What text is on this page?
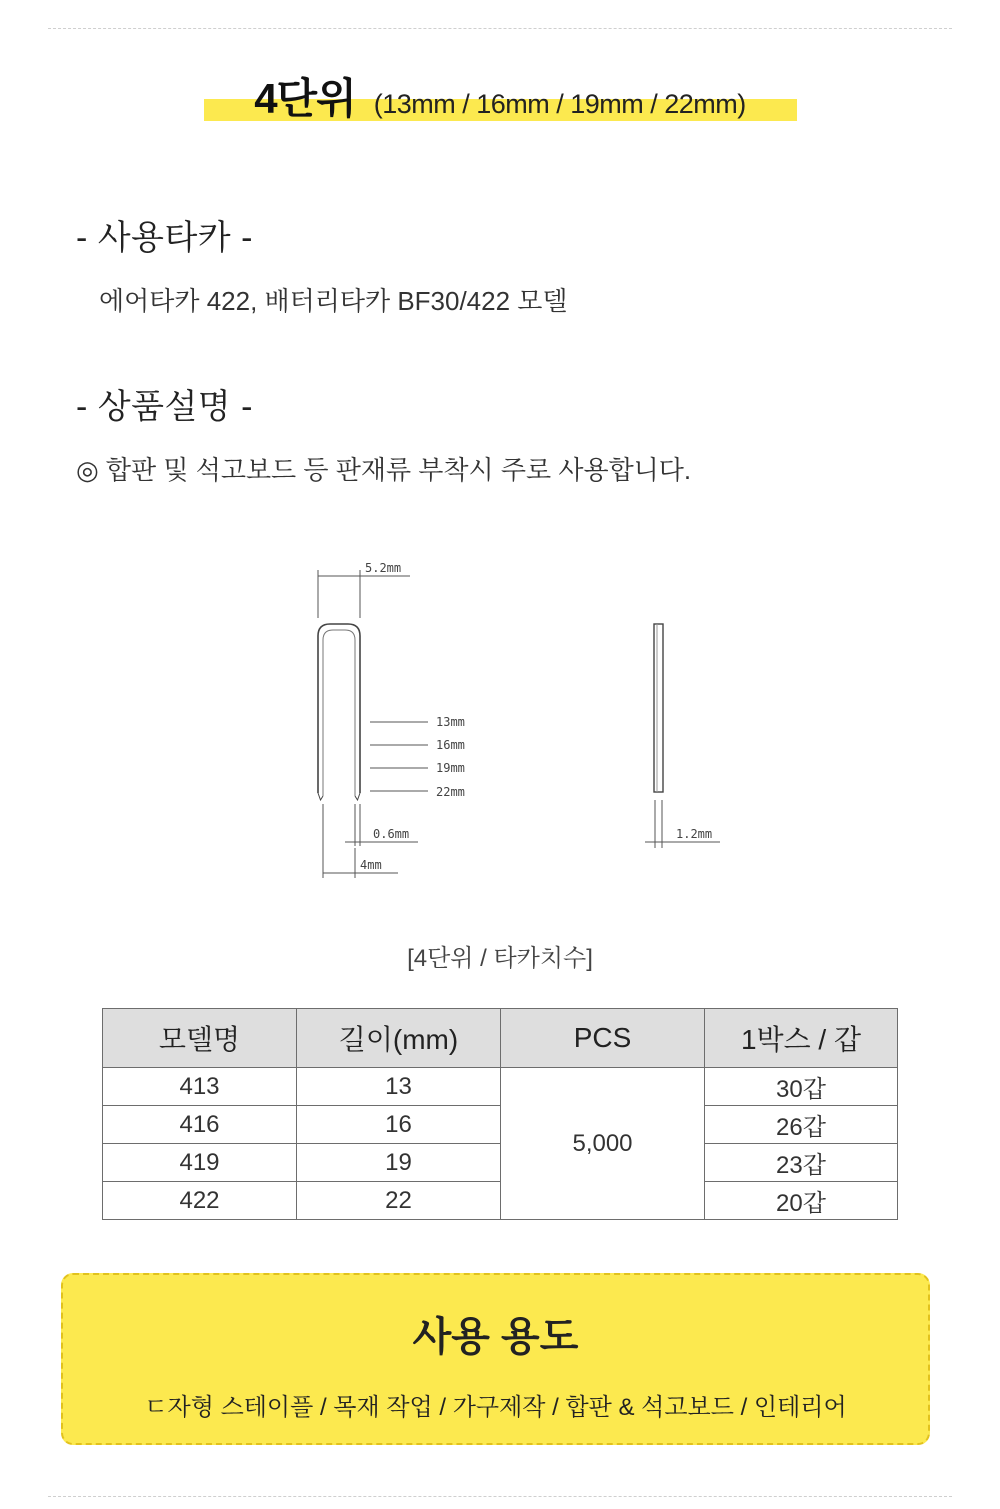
4단위 (13mm / 16mm / 19mm / 22mm)
- 사용타카 -
에어타카 422, 배터리타카 BF30/422 모델
- 상품설명 -
◎ 합판 및 석고보드 등 판재류 부착시 주로 사용합니다.
5.2mm
13mm
16mm
19mm
22mm
0.6mm
4mm
1.2mm
[4단위 / 타카치수]
모델명	길이(mm)	PCS	1박스 / 갑
413	13	5,000	30갑
416	16		26갑
419	19		23갑
422	22		20갑
사용 용도
ㄷ자형 스테이플 / 목재 작업 / 가구제작 / 합판 & 석고보드 / 인테리어
